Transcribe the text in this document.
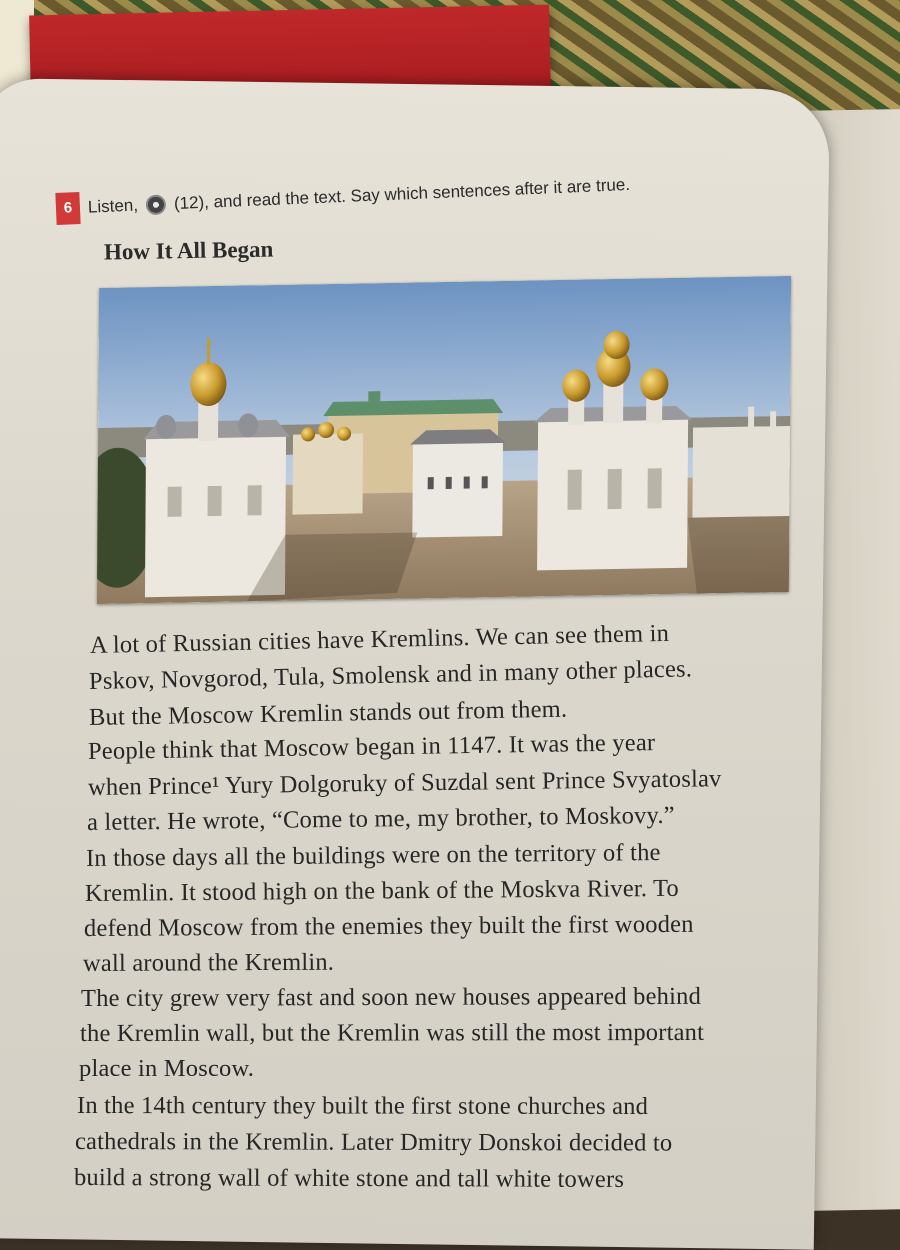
6 Listen, (12), and read the text. Say which sentences after it are true.
How It All Began
A lot of Russian cities have Kremlins. We can see them in
Pskov, Novgorod, Tula, Smolensk and in many other places.
But the Moscow Kremlin stands out from them.
People think that Moscow began in 1147. It was the year
when Prince¹ Yury Dolgoruky of Suzdal sent Prince Svyatoslav
a letter. He wrote, “Come to me, my brother, to Moskovy.”
In those days all the buildings were on the territory of the
Kremlin. It stood high on the bank of the Moskva River. To
defend Moscow from the enemies they built the first wooden
wall around the Kremlin.
The city grew very fast and soon new houses appeared behind
the Kremlin wall, but the Kremlin was still the most important
place in Moscow.
In the 14th century they built the first stone churches and
cathedrals in the Kremlin. Later Dmitry Donskoi decided to
build a strong wall of white stone and tall white towers
